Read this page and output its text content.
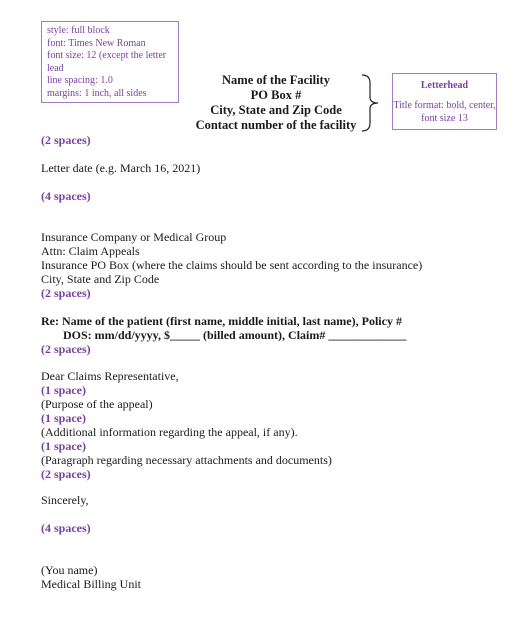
style: full block
font: Times New Roman
font size: 12 (except the letter lead
line spacing: 1.0
margins: 1 inch, all sides
Name of the Facility
PO Box #
City, State and Zip Code
Contact number of the facility
Letterhead
Title format: bold, center, font size 13
(2 spaces)
Letter date (e.g. March 16, 2021)
(4 spaces)
Insurance Company or Medical Group
Attn: Claim Appeals
Insurance PO Box (where the claims should be sent according to the insurance)
City, State and Zip Code
(2 spaces)
Re: Name of the patient (first name, middle initial, last name), Policy #
DOS: mm/dd/yyyy, $_____ (billed amount), Claim# _____________
(2 spaces)
Dear Claims Representative,
(1 space)
(Purpose of the appeal)
(1 space)
(Additional information regarding the appeal, if any).
(1 space)
(Paragraph regarding necessary attachments and documents)
(2 spaces)
Sincerely,
(4 spaces)
(You name)
Medical Billing Unit
